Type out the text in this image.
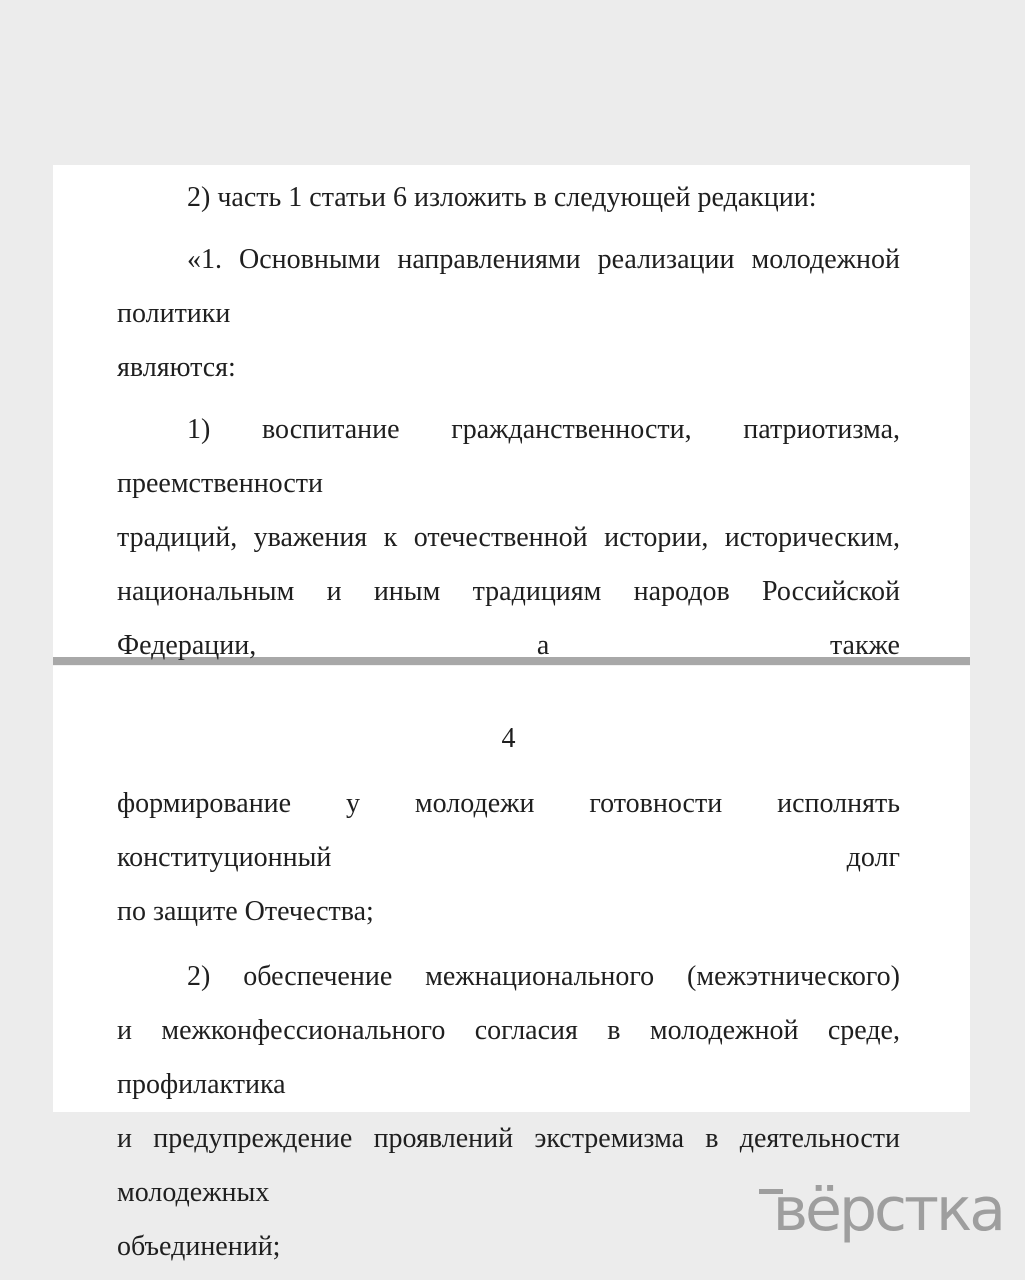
2) часть 1 статьи 6 изложить в следующей редакции:
«1. Основными направлениями реализации молодежной политики
являются:
1) воспитание гражданственности, патриотизма, преемственности
традиций, уважения к отечественной истории, историческим,
национальным и иным традициям народов Российской Федерации, а также
4
формирование у молодежи готовности исполнять конституционный долг
по защите Отечества;
2) обеспечение межнационального (межэтнического)
и межконфессионального согласия в молодежной среде, профилактика
и предупреждение проявлений экстремизма в деятельности молодежных
объединений;
вёрстка
